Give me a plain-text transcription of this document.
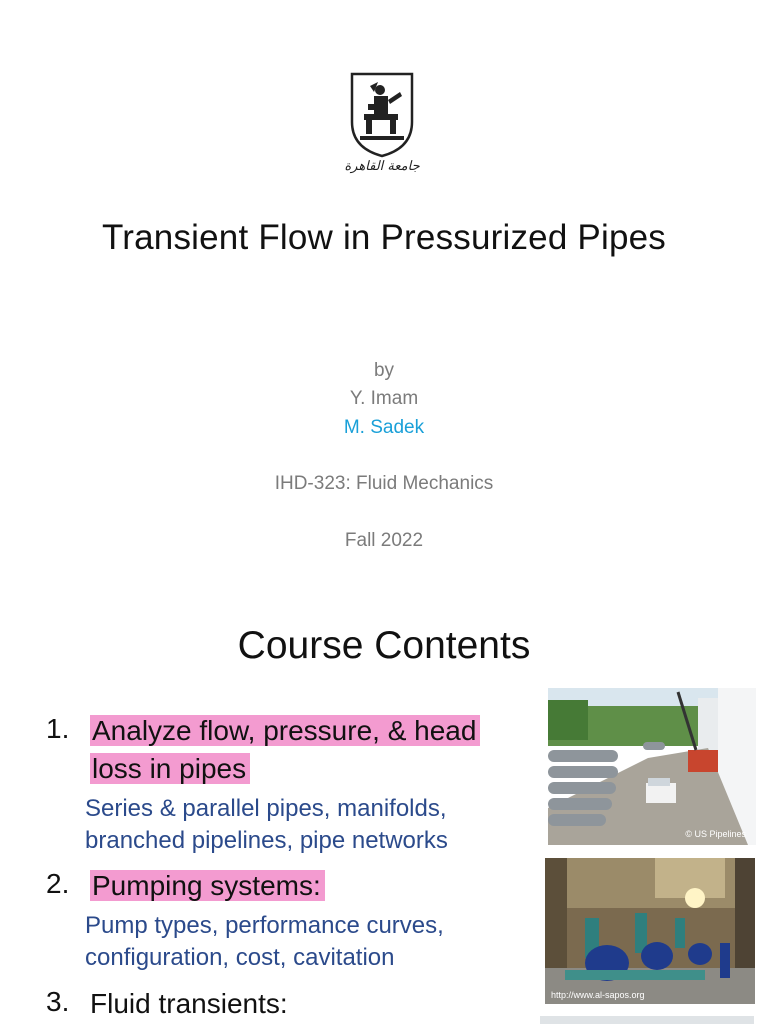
جامعة القاهرة
Transient Flow in Pressurized Pipes
by
Y. Imam
M. Sadek
IHD-323: Fluid Mechanics
Fall 2022
Course Contents
1. Analyze flow, pressure, & head
loss in pipes
Series & parallel pipes, manifolds,
branched pipelines, pipe networks
2. Pumping systems:
Pump types, performance curves,
configuration, cost, cavitation
3. Fluid transients:
© US Pipelines
http://www.al-sapos.org
